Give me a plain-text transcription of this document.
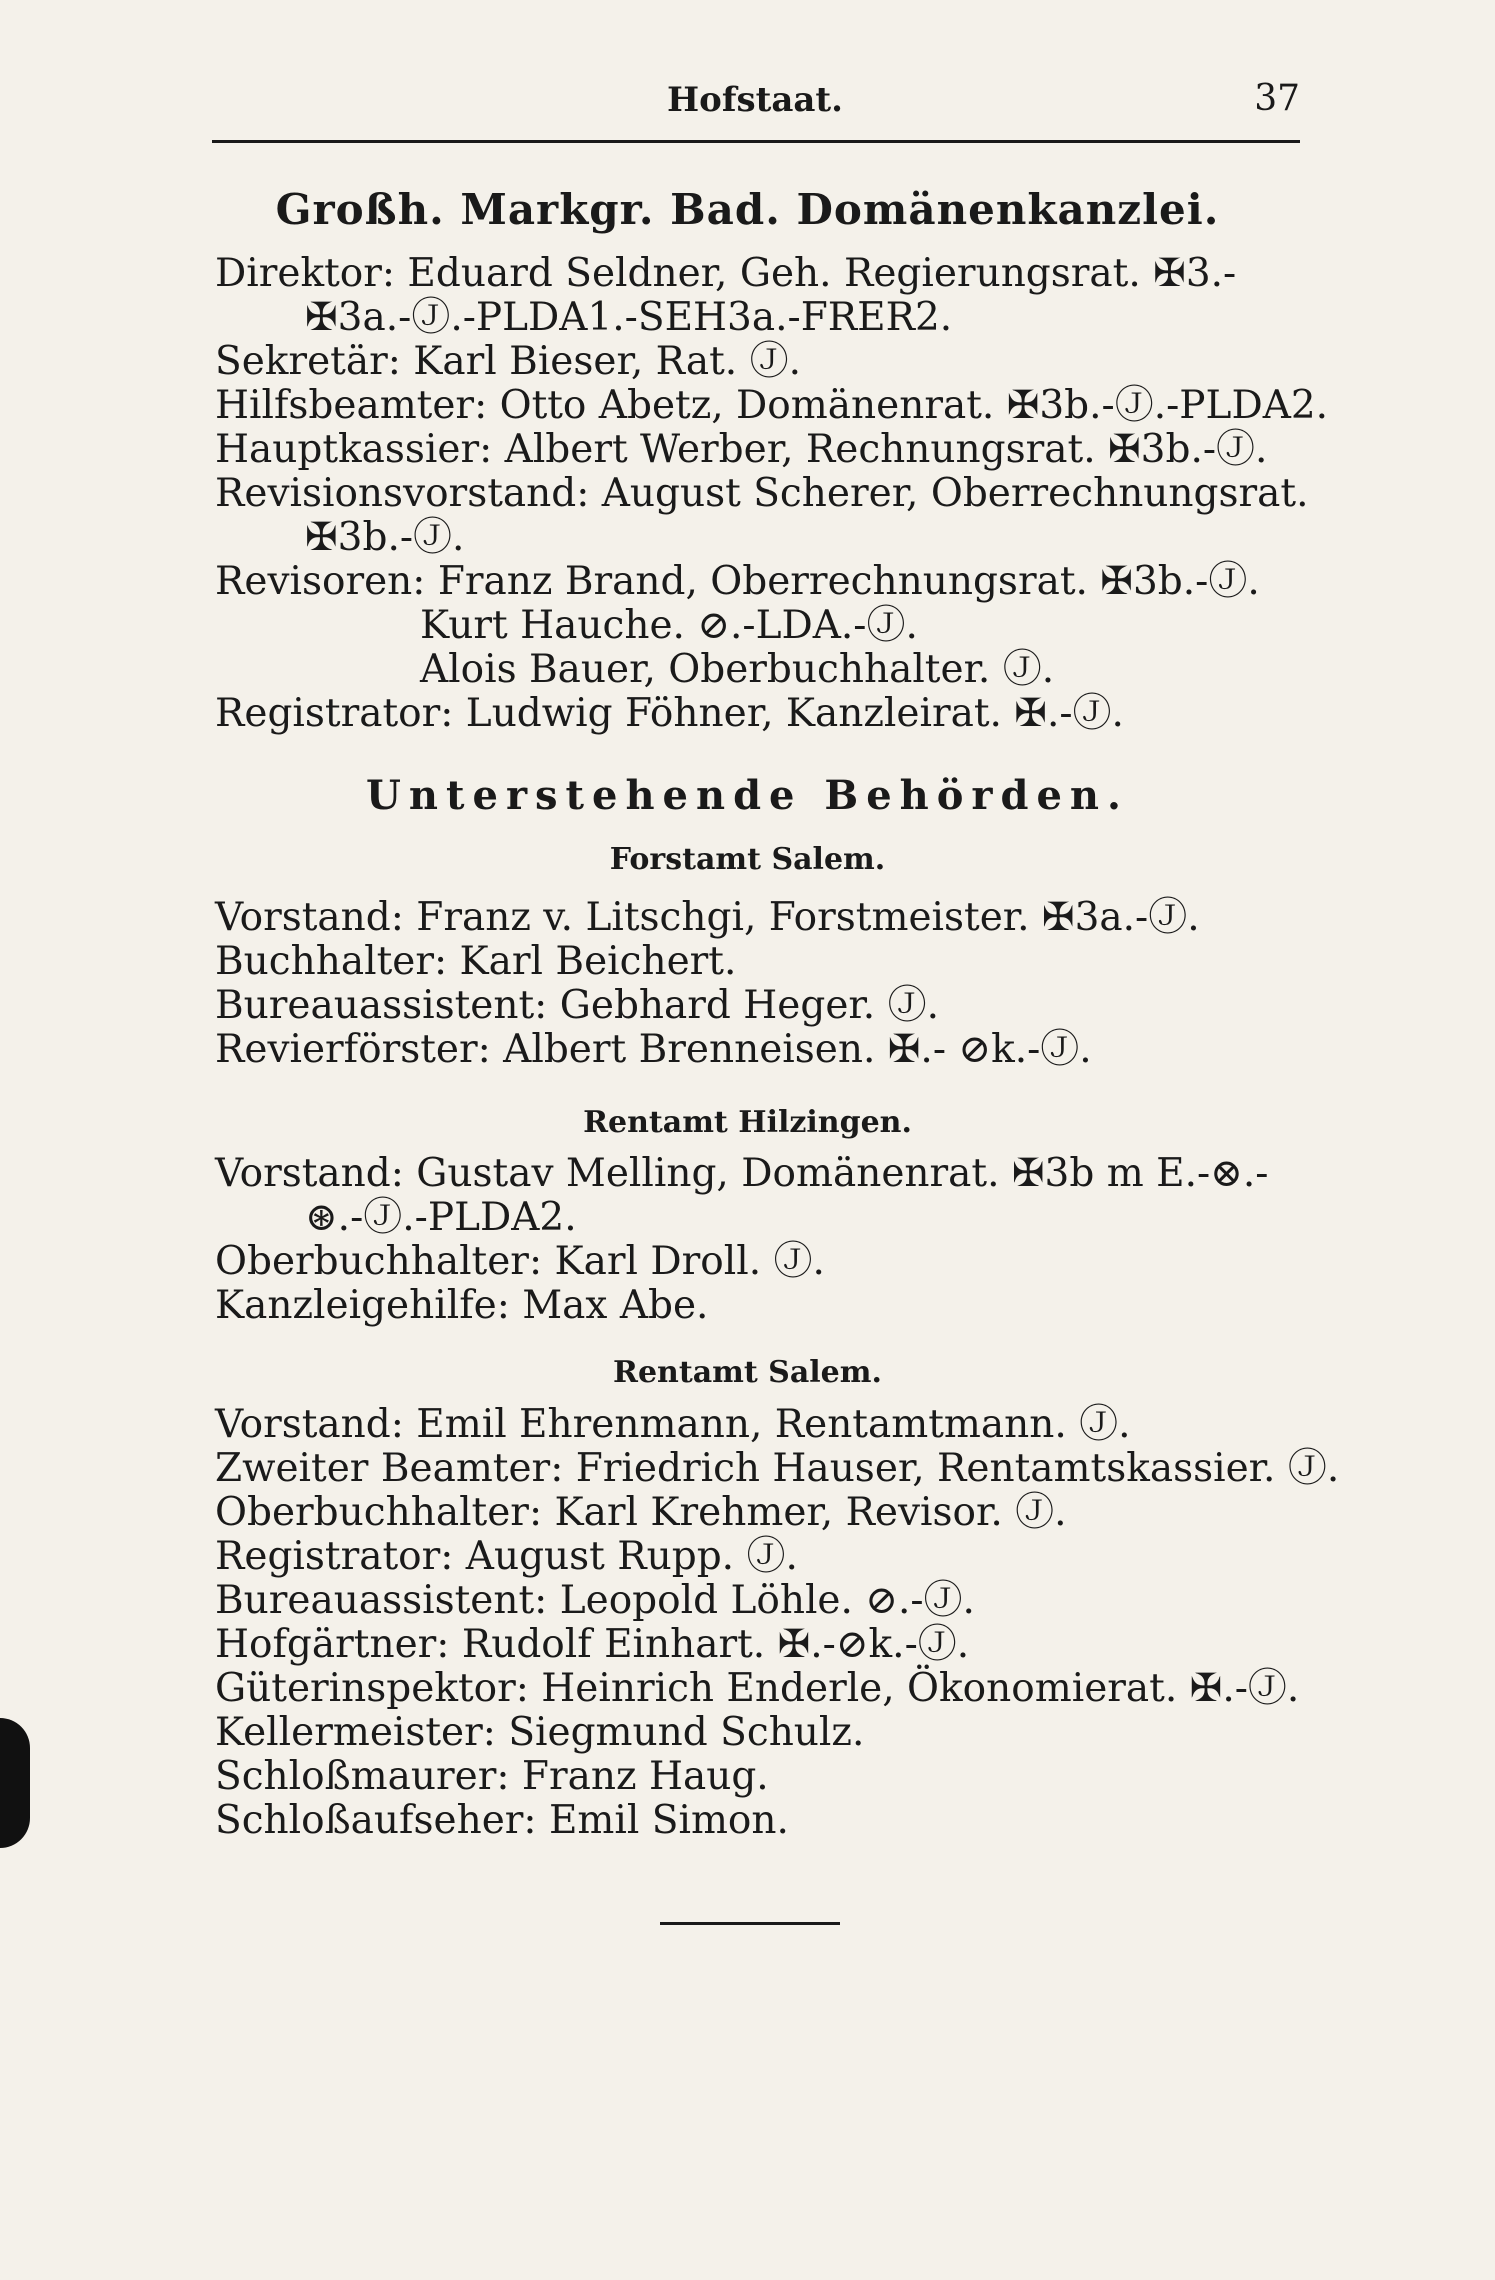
Hofstaat.	37
Großh. Markgr. Bad. Domänenkanzlei.
Direktor: Eduard Seldner, Geh. Regierungsrat. ✠3.-
✠3a.-Ⓙ.-PLDA1.-SEH3a.-FRER2.
Sekretär: Karl Bieser, Rat. Ⓙ.
Hilfsbeamter: Otto Abetz, Domänenrat. ✠3b.-Ⓙ.-PLDA2.
Hauptkassier: Albert Werber, Rechnungsrat. ✠3b.-Ⓙ.
Revisionsvorstand: August Scherer, Oberrechnungsrat.
✠3b.-Ⓙ.
Revisoren: Franz Brand, Oberrechnungsrat. ✠3b.-Ⓙ.
Kurt Hauche. ⊘.-LDA.-Ⓙ.
Alois Bauer, Oberbuchhalter. Ⓙ.
Registrator: Ludwig Föhner, Kanzleirat. ✠.-Ⓙ.
Unterstehende Behörden.
Forstamt Salem.
Vorstand: Franz v. Litschgi, Forstmeister. ✠3a.-Ⓙ.
Buchhalter: Karl Beichert.
Bureauassistent: Gebhard Heger. Ⓙ.
Revierförster: Albert Brenneisen. ✠.- ⊘k.-Ⓙ.
Rentamt Hilzingen.
Vorstand: Gustav Melling, Domänenrat. ✠3b m E.-⊗.-
⊛.-Ⓙ.-PLDA2.
Oberbuchhalter: Karl Droll. Ⓙ.
Kanzleigehilfe: Max Abe.
Rentamt Salem.
Vorstand: Emil Ehrenmann, Rentamtmann. Ⓙ.
Zweiter Beamter: Friedrich Hauser, Rentamtskassier. Ⓙ.
Oberbuchhalter: Karl Krehmer, Revisor. Ⓙ.
Registrator: August Rupp. Ⓙ.
Bureauassistent: Leopold Löhle. ⊘.-Ⓙ.
Hofgärtner: Rudolf Einhart. ✠.-⊘k.-Ⓙ.
Güterinspektor: Heinrich Enderle, Ökonomierat. ✠.-Ⓙ.
Kellermeister: Siegmund Schulz.
Schloßmaurer: Franz Haug.
Schloßaufseher: Emil Simon.
